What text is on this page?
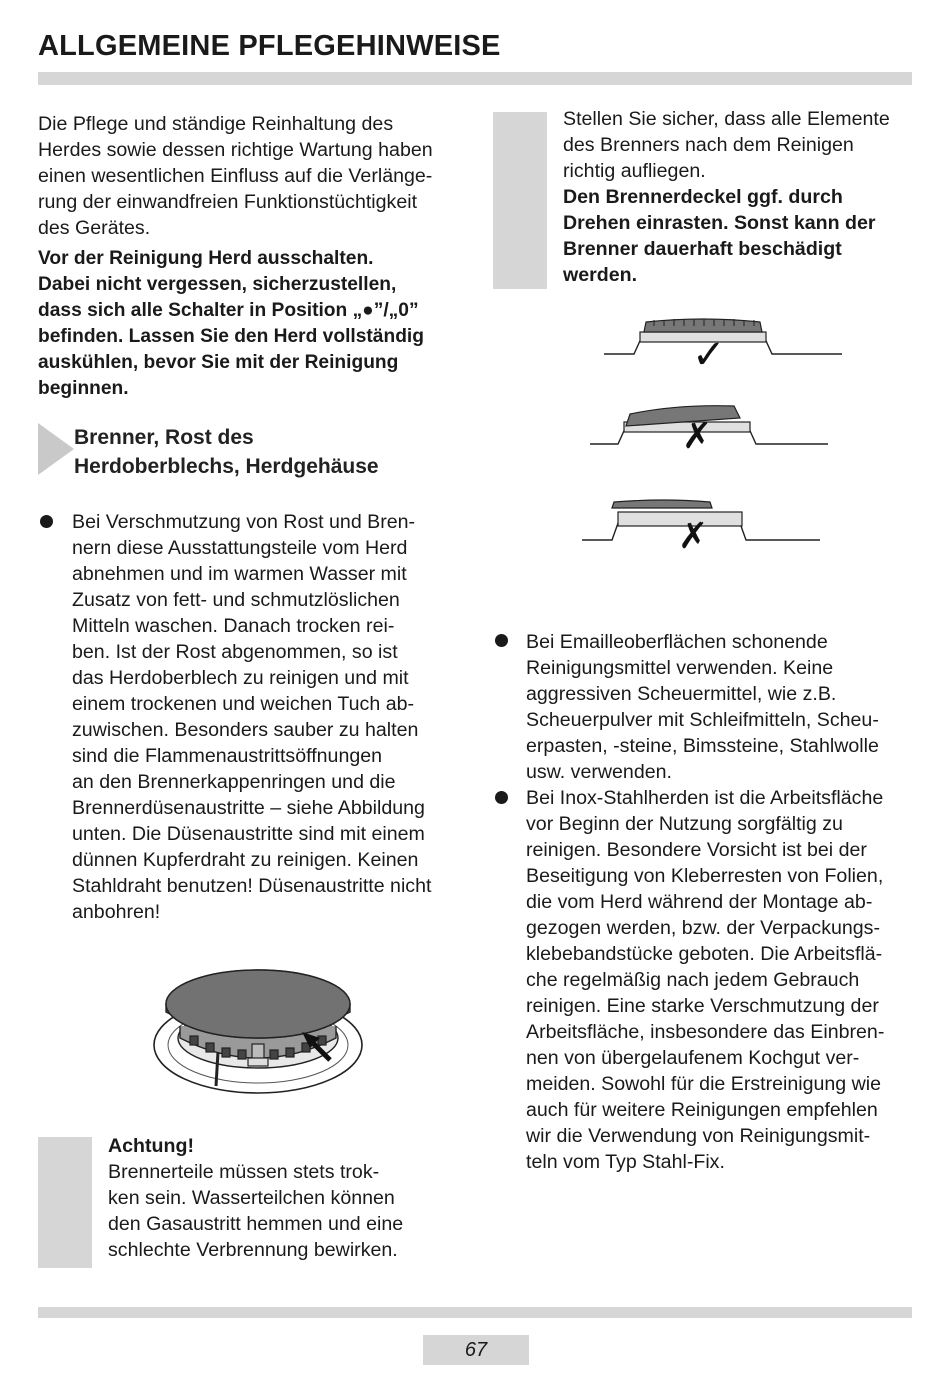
ALLGEMEINE PFLEGEHINWEISE
Die Pflege und ständige Reinhaltung des
Herdes sowie dessen richtige Wartung haben
einen wesentlichen Einfluss auf die Verlänge-
rung der einwandfreien Funktionstüchtigkeit
des Gerätes.
Vor der Reinigung Herd ausschalten.
Dabei nicht vergessen, sicherzustellen,
dass sich alle Schalter in Position „●”/„0”
befinden. Lassen Sie den Herd vollständig
auskühlen, bevor Sie mit der Reinigung
beginnen.
Brenner, Rost des
Herdoberblechs, Herdgehäuse
Bei Verschmutzung von Rost und Bren-
nern diese Ausstattungsteile vom Herd
abnehmen und im warmen Wasser mit
Zusatz von fett- und schmutzlöslichen
Mitteln waschen. Danach trocken rei-
ben. Ist der Rost abgenommen, so ist
das Herdoberblech zu reinigen und mit
einem trockenen und weichen Tuch ab-
zuwischen. Besonders sauber zu halten
sind die Flammenaustrittsöffnungen
an den Brennerkappenringen und die
Brennerdüsenaustritte – siehe Abbildung
unten. Die Düsenaustritte sind mit einem
dünnen Kupferdraht zu reinigen. Keinen
Stahldraht benutzen! Düsenaustritte nicht
anbohren!
Achtung!
Brennerteile müssen stets trok-
ken sein. Wasserteilchen können
den Gasaustritt hemmen und eine
schlechte Verbrennung bewirken.
Stellen Sie sicher, dass alle Elemente
des Brenners nach dem Reinigen
richtig aufliegen.
Den Brennerdeckel ggf. durch
Drehen einrasten. Sonst kann der
Brenner dauerhaft beschädigt
werden.
✓
✗
✗
Bei Emailleoberflächen schonende
Reinigungsmittel verwenden. Keine
aggressiven Scheuermittel, wie z.B.
Scheuerpulver mit Schleifmitteln, Scheu-
erpasten, -steine, Bimssteine, Stahlwolle
usw. verwenden.
Bei Inox-Stahlherden ist die Arbeitsfläche
vor Beginn der Nutzung sorgfältig zu
reinigen. Besondere Vorsicht ist bei der
Beseitigung von Kleberresten von Folien,
die vom Herd während der Montage ab-
gezogen werden, bzw. der Verpackungs-
klebebandstücke geboten. Die Arbeitsflä-
che regelmäßig nach jedem Gebrauch
reinigen. Eine starke Verschmutzung der
Arbeitsfläche, insbesondere das Einbren-
nen von übergelaufenem Kochgut ver-
meiden. Sowohl für die Erstreinigung wie
auch für weitere Reinigungen empfehlen
wir die Verwendung von Reinigungsmit-
teln vom Typ Stahl-Fix.
67
